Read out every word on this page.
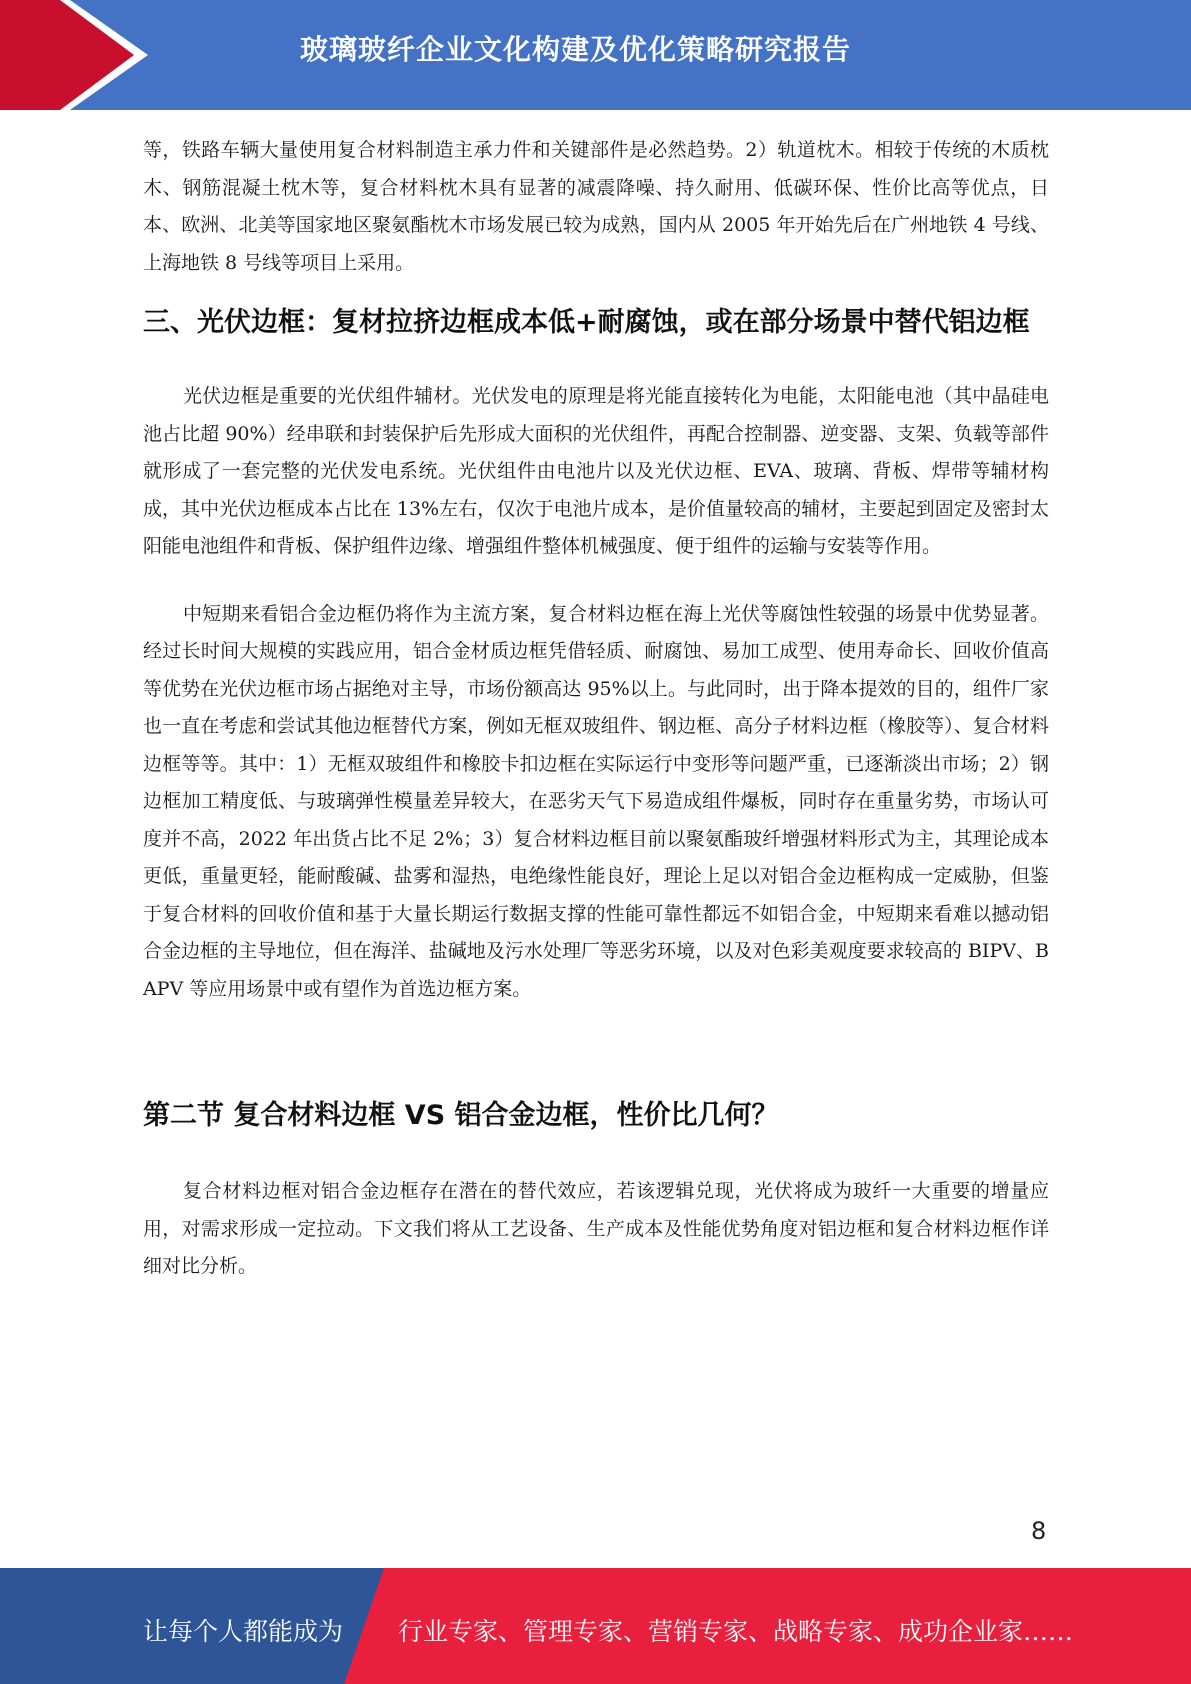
玻璃玻纤企业文化构建及优化策略研究报告

等，铁路车辆大量使用复合材料制造主承力件和关键部件是必然趋势。2）轨道枕木。相较于传统的木质枕木、钢筋混凝土枕木等，复合材料枕木具有显著的减震降噪、持久耐用、低碳环保、性价比高等优点，日本、欧洲、北美等国家地区聚氨酯枕木市场发展已较为成熟，国内从 2005 年开始先后在广州地铁 4 号线、上海地铁 8 号线等项目上采用。

三、光伏边框：复材拉挤边框成本低+耐腐蚀，或在部分场景中替代铝边框

光伏边框是重要的光伏组件辅材。光伏发电的原理是将光能直接转化为电能，太阳能电池（其中晶硅电池占比超 90%）经串联和封装保护后先形成大面积的光伏组件，再配合控制器、逆变器、支架、负载等部件就形成了一套完整的光伏发电系统。光伏组件由电池片以及光伏边框、EVA、玻璃、背板、焊带等辅材构成，其中光伏边框成本占比在 13%左右，仅次于电池片成本，是价值量较高的辅材，主要起到固定及密封太阳能电池组件和背板、保护组件边缘、增强组件整体机械强度、便于组件的运输与安装等作用。

中短期来看铝合金边框仍将作为主流方案，复合材料边框在海上光伏等腐蚀性较强的场景中优势显著。经过长时间大规模的实践应用，铝合金材质边框凭借轻质、耐腐蚀、易加工成型、使用寿命长、回收价值高等优势在光伏边框市场占据绝对主导，市场份额高达 95%以上。与此同时，出于降本提效的目的，组件厂家也一直在考虑和尝试其他边框替代方案，例如无框双玻组件、钢边框、高分子材料边框（橡胶等）、复合材料边框等等。其中：1）无框双玻组件和橡胶卡扣边框在实际运行中变形等问题严重，已逐渐淡出市场；2）钢边框加工精度低、与玻璃弹性模量差异较大，在恶劣天气下易造成组件爆板，同时存在重量劣势，市场认可度并不高，2022 年出货占比不足 2%；3）复合材料边框目前以聚氨酯玻纤增强材料形式为主，其理论成本更低，重量更轻，能耐酸碱、盐雾和湿热，电绝缘性能良好，理论上足以对铝合金边框构成一定威胁，但鉴于复合材料的回收价值和基于大量长期运行数据支撑的性能可靠性都远不如铝合金，中短期来看难以撼动铝合金边框的主导地位，但在海洋、盐碱地及污水处理厂等恶劣环境，以及对色彩美观度要求较高的 BIPV、BAPV 等应用场景中或有望作为首选边框方案。

第二节 复合材料边框 VS 铝合金边框，性价比几何？

复合材料边框对铝合金边框存在潜在的替代效应，若该逻辑兑现，光伏将成为玻纤一大重要的增量应用，对需求形成一定拉动。下文我们将从工艺设备、生产成本及性能优势角度对铝边框和复合材料边框作详细对比分析。

8
让每个人都能成为 行业专家、管理专家、营销专家、战略专家、成功企业家……
